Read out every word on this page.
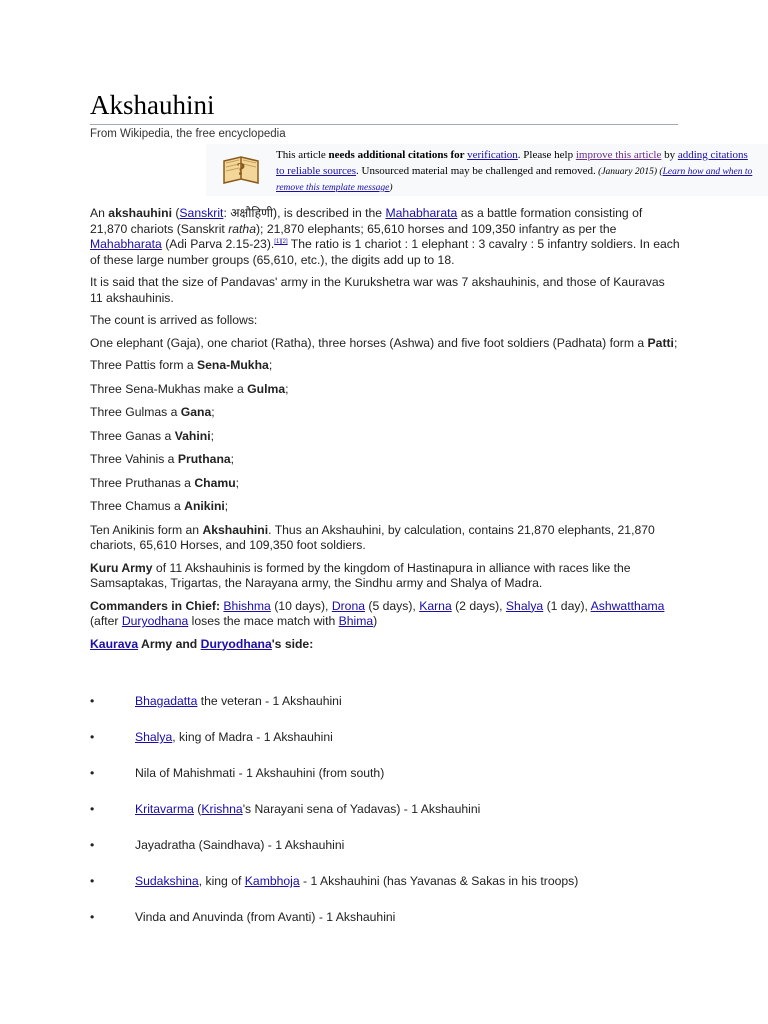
Akshauhini
From Wikipedia, the free encyclopedia
?
This article needs additional citations for verification. Please help improve this article by adding citations to reliable sources. Unsourced material may be challenged and removed. (January 2015) (Learn how and when to remove this template message)

An akshauhini (Sanskrit: अक्षौहिणी), is described in the Mahabharata as a battle formation consisting of 21,870 chariots (Sanskrit ratha); 21,870 elephants; 65,610 horses and 109,350 infantry as per the Mahabharata (Adi Parva 2.15-23).[1][2] The ratio is 1 chariot : 1 elephant : 3 cavalry : 5 infantry soldiers. In each of these large number groups (65,610, etc.), the digits add up to 18.

It is said that the size of Pandavas' army in the Kurukshetra war was 7 akshauhinis, and those of Kauravas 11 akshauhinis.

The count is arrived as follows:

One elephant (Gaja), one chariot (Ratha), three horses (Ashwa) and five foot soldiers (Padhata) form a Patti;

Three Pattis form a Sena-Mukha;

Three Sena-Mukhas make a Gulma;

Three Gulmas a Gana;

Three Ganas a Vahini;

Three Vahinis a Pruthana;

Three Pruthanas a Chamu;

Three Chamus a Anikini;

Ten Anikinis form an Akshauhini. Thus an Akshauhini, by calculation, contains 21,870 elephants, 21,870 chariots, 65,610 Horses, and 109,350 foot soldiers.

Kuru Army of 11 Akshauhinis is formed by the kingdom of Hastinapura in alliance with races like the Samsaptakas, Trigartas, the Narayana army, the Sindhu army and Shalya of Madra.

Commanders in Chief: Bhishma (10 days), Drona (5 days), Karna (2 days), Shalya (1 day), Ashwatthama (after Duryodhana loses the mace match with Bhima)

Kaurava Army and Duryodhana's side:

•	Bhagadatta the veteran - 1 Akshauhini
•	Shalya, king of Madra - 1 Akshauhini
•	Nila of Mahishmati - 1 Akshauhini (from south)
•	Kritavarma (Krishna's Narayani sena of Yadavas) - 1 Akshauhini
•	Jayadratha (Saindhava) - 1 Akshauhini
•	Sudakshina, king of Kambhoja - 1 Akshauhini (has Yavanas & Sakas in his troops)
•	Vinda and Anuvinda (from Avanti) - 1 Akshauhini
